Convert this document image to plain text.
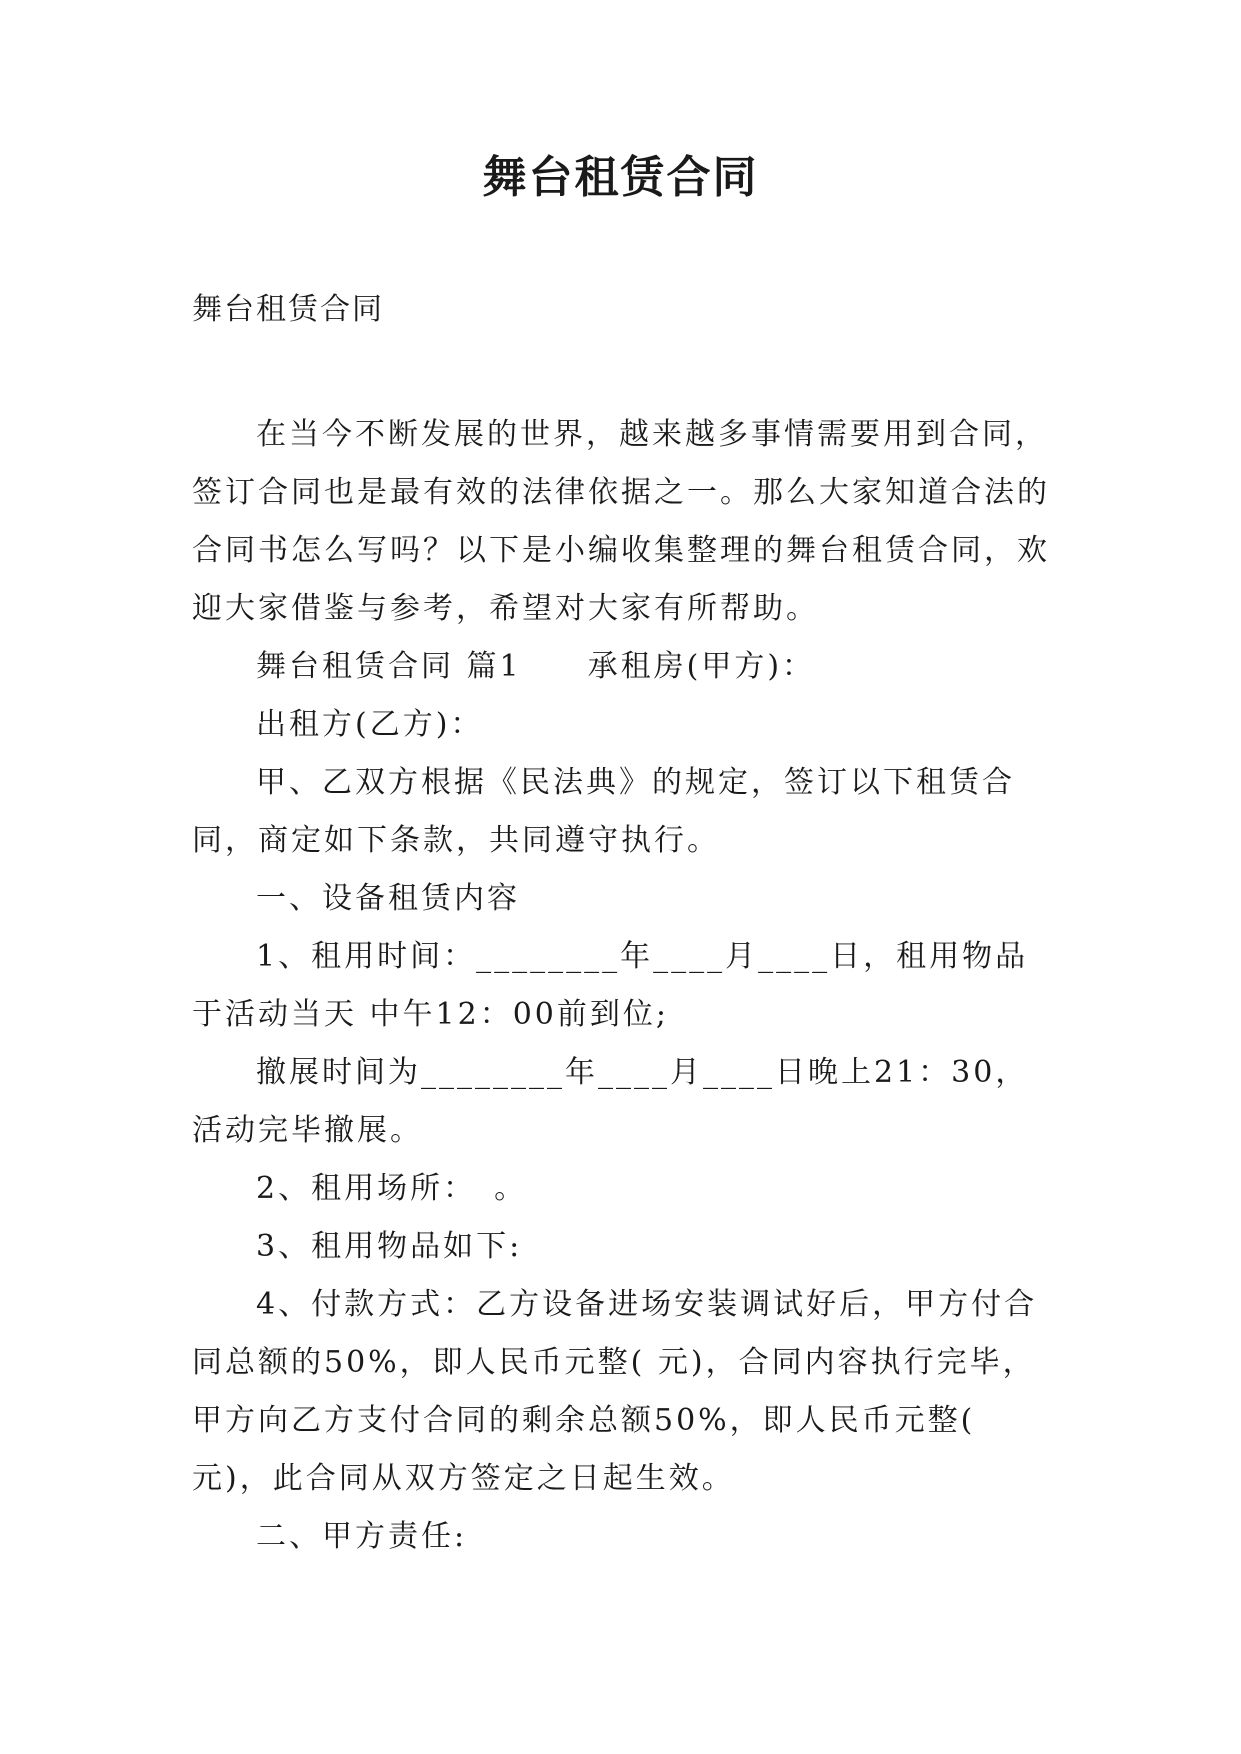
舞台租赁合同
舞台租赁合同

在当今不断发展的世界，越来越多事情需要用到合同，签订合同也是最有效的法律依据之一。那么大家知道合法的合同书怎么写吗？以下是小编收集整理的舞台租赁合同，欢迎大家借鉴与参考，希望对大家有所帮助。

舞台租赁合同 篇1　　承租房(甲方)：

出租方(乙方)：

甲、乙双方根据《民法典》的规定，签订以下租赁合同，商定如下条款，共同遵守执行。

一、设备租赁内容

1、租用时间：________年____月____日，租用物品于活动当天 中午12：00前到位;

撤展时间为________年____月____日晚上21：30，活动完毕撤展。

2、租用场所：　。

3、租用物品如下:

4、付款方式：乙方设备进场安装调试好后，甲方付合同总额的50%，即人民币元整( 元)，合同内容执行完毕，甲方向乙方支付合同的剩余总额50%，即人民币元整( 元)，此合同从双方签定之日起生效。

二、甲方责任:
